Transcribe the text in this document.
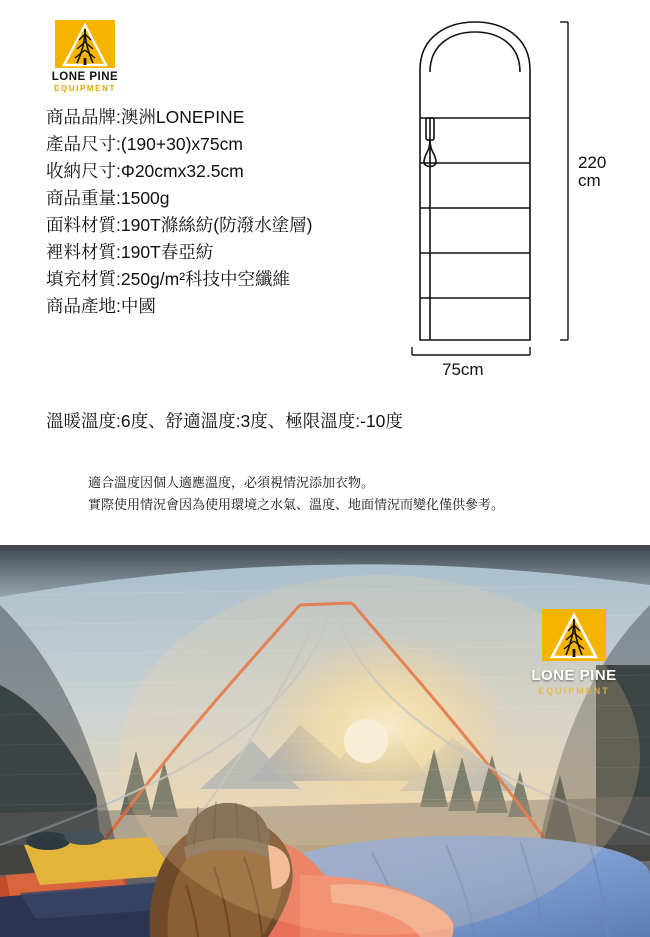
LONE PINE
EQUIPMENT
商品品牌:澳洲LONEPINE
產品尺寸:(190+30)x75cm
收納尺寸:Φ20cmx32.5cm
商品重量:1500g
面料材質:190T滌絲紡(防潑水塗層)
裡料材質:190T春亞紡
填充材質:250g/m²科技中空纖維
商品產地:中國
溫暖溫度:6度、舒適溫度:3度、極限溫度:-10度
適合溫度因個人適應溫度，必須視情況添加衣物。
實際使用情況會因為使用環境之水氣、溫度、地面情況而變化僅供參考。
220
cm
75cm
LONE PINE
EQUIPMENT
